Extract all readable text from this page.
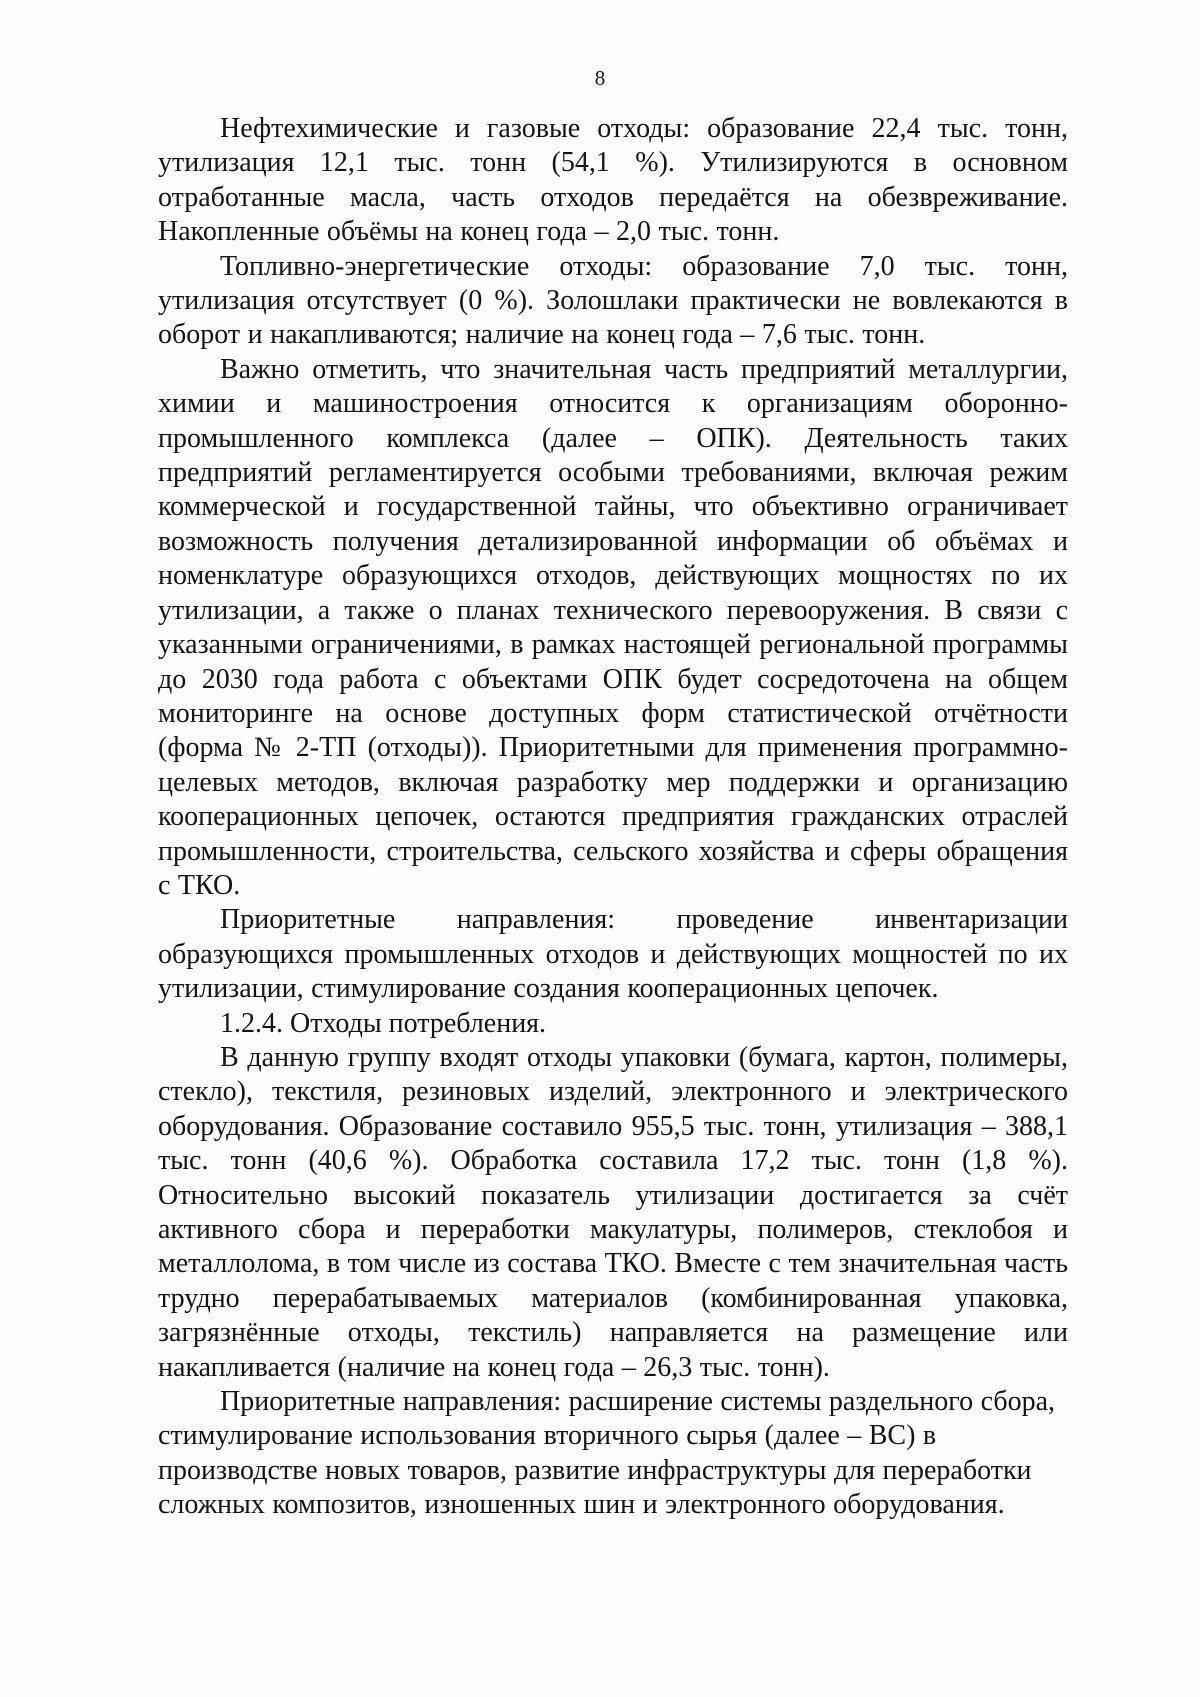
8

Нефтехимические и газовые отходы: образование 22,4 тыс. тонн, утилизация 12,1 тыс. тонн (54,1 %). Утилизируются в основном отработанные масла, часть отходов передаётся на обезвреживание. Накопленные объёмы на конец года – 2,0 тыс. тонн.

Топливно-энергетические отходы: образование 7,0 тыс. тонн, утилизация отсутствует (0 %). Золошлаки практически не вовлекаются в оборот и накапливаются; наличие на конец года – 7,6 тыс. тонн.

Важно отметить, что значительная часть предприятий металлургии, химии и машиностроения относится к организациям оборонно-промышленного комплекса (далее – ОПК). Деятельность таких предприятий регламентируется особыми требованиями, включая режим коммерческой и государственной тайны, что объективно ограничивает возможность получения детализированной информации об объёмах и номенклатуре образующихся отходов, действующих мощностях по их утилизации, а также о планах технического перевооружения. В связи с указанными ограничениями, в рамках настоящей региональной программы до 2030 года работа с объектами ОПК будет сосредоточена на общем мониторинге на основе доступных форм статистической отчётности (форма № 2-ТП (отходы)). Приоритетными для применения программно-целевых методов, включая разработку мер поддержки и организацию кооперационных цепочек, остаются предприятия гражданских отраслей промышленности, строительства, сельского хозяйства и сферы обращения с ТКО.

Приоритетные направления: проведение инвентаризации образующихся промышленных отходов и действующих мощностей по их утилизации, стимулирование создания кооперационных цепочек.

1.2.4. Отходы потребления.

В данную группу входят отходы упаковки (бумага, картон, полимеры, стекло), текстиля, резиновых изделий, электронного и электрического оборудования. Образование составило 955,5 тыс. тонн, утилизация – 388,1 тыс. тонн (40,6 %). Обработка составила 17,2 тыс. тонн (1,8 %). Относительно высокий показатель утилизации достигается за счёт активного сбора и переработки макулатуры, полимеров, стеклобоя и металлолома, в том числе из состава ТКО. Вместе с тем значительная часть трудно перерабатываемых материалов (комбинированная упаковка, загрязнённые отходы, текстиль) направляется на размещение или накапливается (наличие на конец года – 26,3 тыс. тонн).

Приоритетные направления: расширение системы раздельного сбора, стимулирование использования вторичного сырья (далее – ВС) в производстве новых товаров, развитие инфраструктуры для переработки сложных композитов, изношенных шин и электронного оборудования.
